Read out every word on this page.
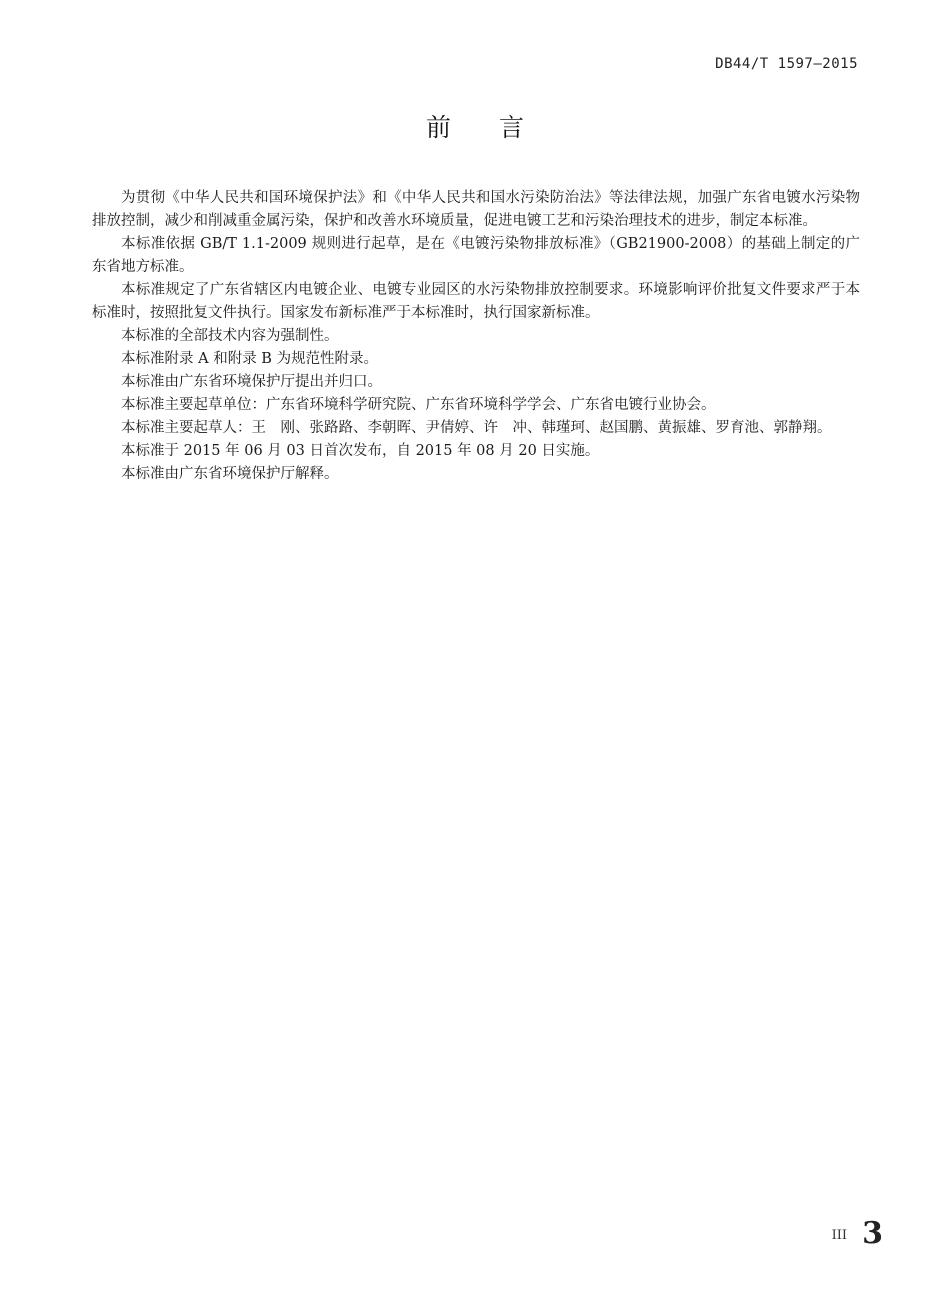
DB44/T 1597—2015
前言

为贯彻《中华人民共和国环境保护法》和《中华人民共和国水污染防治法》等法律法规，加强广东省电镀水污染物排放控制，减少和削减重金属污染，保护和改善水环境质量，促进电镀工艺和污染治理技术的进步，制定本标准。

本标准依据 GB/T 1.1-2009 规则进行起草，是在《电镀污染物排放标准》（GB21900-2008）的基础上制定的广东省地方标准。

本标准规定了广东省辖区内电镀企业、电镀专业园区的水污染物排放控制要求。环境影响评价批复文件要求严于本标准时，按照批复文件执行。国家发布新标准严于本标准时，执行国家新标准。

本标准的全部技术内容为强制性。

本标准附录 A 和附录 B 为规范性附录。

本标准由广东省环境保护厅提出并归口。

本标准主要起草单位：广东省环境科学研究院、广东省环境科学学会、广东省电镀行业协会。

本标准主要起草人：王　刚、张路路、李朝晖、尹倩婷、许　冲、韩瑾珂、赵国鹏、黄振雄、罗育池、郭静翔。

本标准于 2015 年 06 月 03 日首次发布，自 2015 年 08 月 20 日实施。

本标准由广东省环境保护厅解释。

III 3
